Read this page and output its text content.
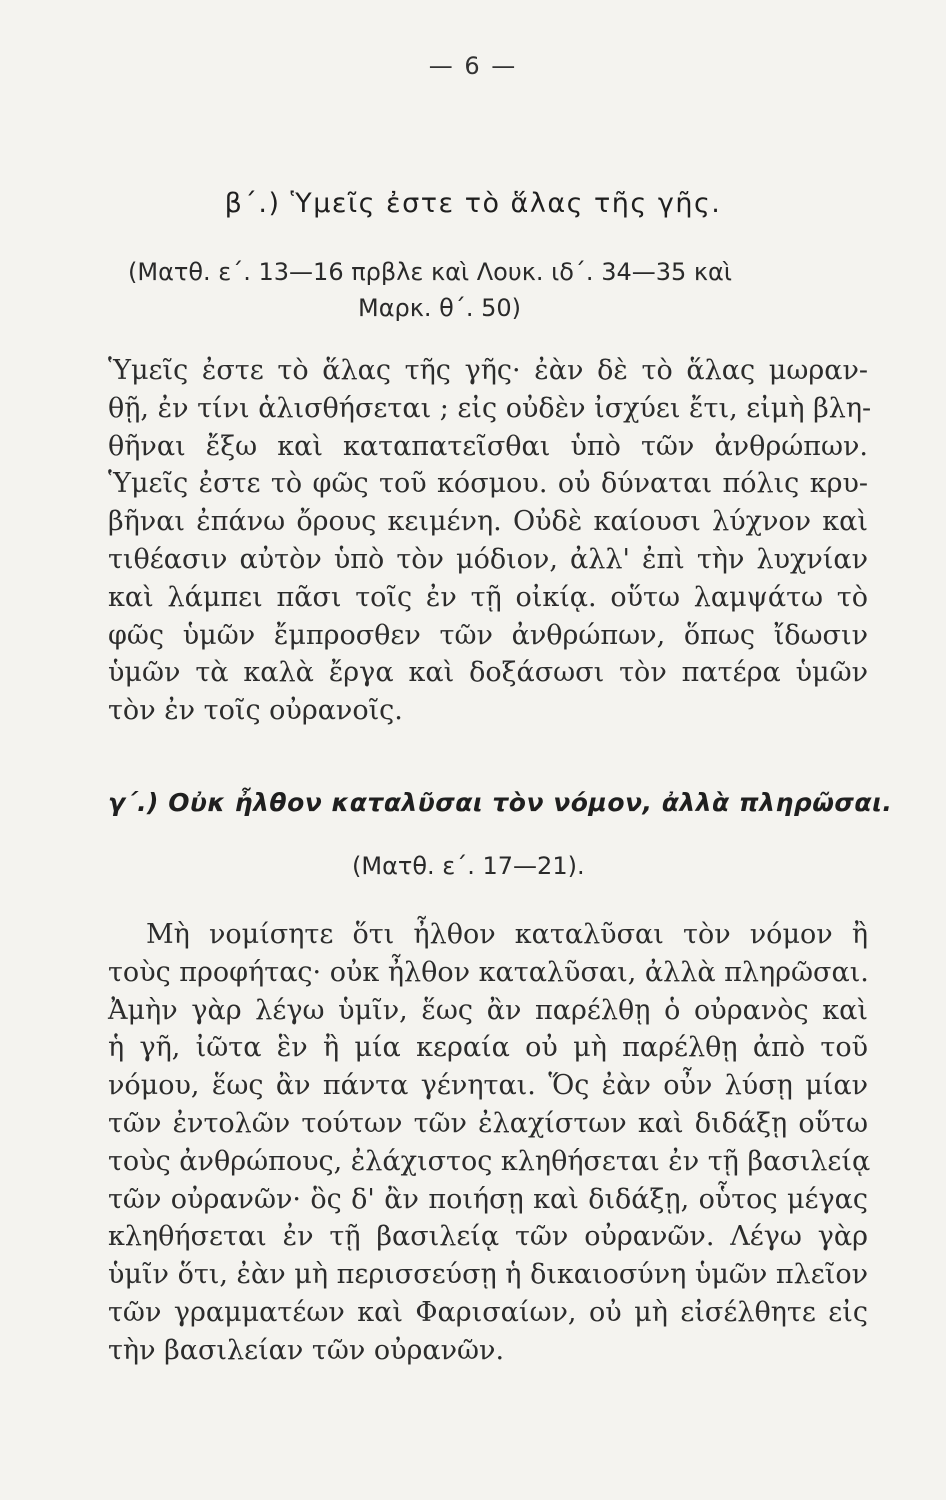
— 6 —
β΄.) Ὑμεῖς ἐστε τὸ ἅλας τῆς γῆς.
(Ματθ. ε΄. 13—16 πρβλε καὶ Λουκ. ιδ΄. 34—35 καὶ
Μαρκ. θ΄. 50)
Ὑμεῖς ἐστε τὸ ἅλας τῆς γῆς· ἐὰν δὲ τὸ ἅλας μωραν-
θῇ, ἐν τίνι ἁλισθήσεται ; εἰς οὐδὲν ἰσχύει ἔτι, εἰμὴ βλη-
θῆναι ἔξω καὶ καταπατεῖσθαι ὑπὸ τῶν ἀνθρώπων.
Ὑμεῖς ἐστε τὸ φῶς τοῦ κόσμου. οὐ δύναται πόλις κρυ-
βῆναι ἐπάνω ὄρους κειμένη. Οὐδὲ καίουσι λύχνον καὶ
τιθέασιν αὐτὸν ὑπὸ τὸν μόδιον, ἀλλ' ἐπὶ τὴν λυχνίαν
καὶ λάμπει πᾶσι τοῖς ἐν τῇ οἰκίᾳ. οὕτω λαμψάτω τὸ
φῶς ὑμῶν ἔμπροσθεν τῶν ἀνθρώπων, ὅπως ἴδωσιν
ὑμῶν τὰ καλὰ ἔργα καὶ δοξάσωσι τὸν πατέρα ὑμῶν
τὸν ἐν τοῖς οὐρανοῖς.
γ΄.) Οὐκ ἦλθον καταλῦσαι τὸν νόμον, ἀλλὰ πληρῶσαι.
(Ματθ. ε΄. 17—21).
Μὴ νομίσητε ὅτι ἦλθον καταλῦσαι τὸν νόμον ἢ
τοὺς προφήτας· οὐκ ἦλθον καταλῦσαι, ἀλλὰ πληρῶσαι.
Ἀμὴν γὰρ λέγω ὑμῖν, ἕως ἂν παρέλθῃ ὁ οὐρανὸς καὶ
ἡ γῆ, ἰῶτα ἓν ἢ μία κεραία οὐ μὴ παρέλθῃ ἀπὸ τοῦ
νόμου, ἕως ἂν πάντα γένηται. Ὅς ἐὰν οὖν λύσῃ μίαν
τῶν ἐντολῶν τούτων τῶν ἐλαχίστων καὶ διδάξῃ οὕτω
τοὺς ἀνθρώπους, ἐλάχιστος κληθήσεται ἐν τῇ βασιλείᾳ
τῶν οὐρανῶν· ὃς δ' ἂν ποιήσῃ καὶ διδάξῃ, οὗτος μέγας
κληθήσεται ἐν τῇ βασιλείᾳ τῶν οὐρανῶν. Λέγω γὰρ
ὑμῖν ὅτι, ἐὰν μὴ περισσεύσῃ ἡ δικαιοσύνη ὑμῶν πλεῖον
τῶν γραμματέων καὶ Φαρισαίων, οὐ μὴ εἰσέλθητε εἰς
τὴν βασιλείαν τῶν οὐρανῶν.
